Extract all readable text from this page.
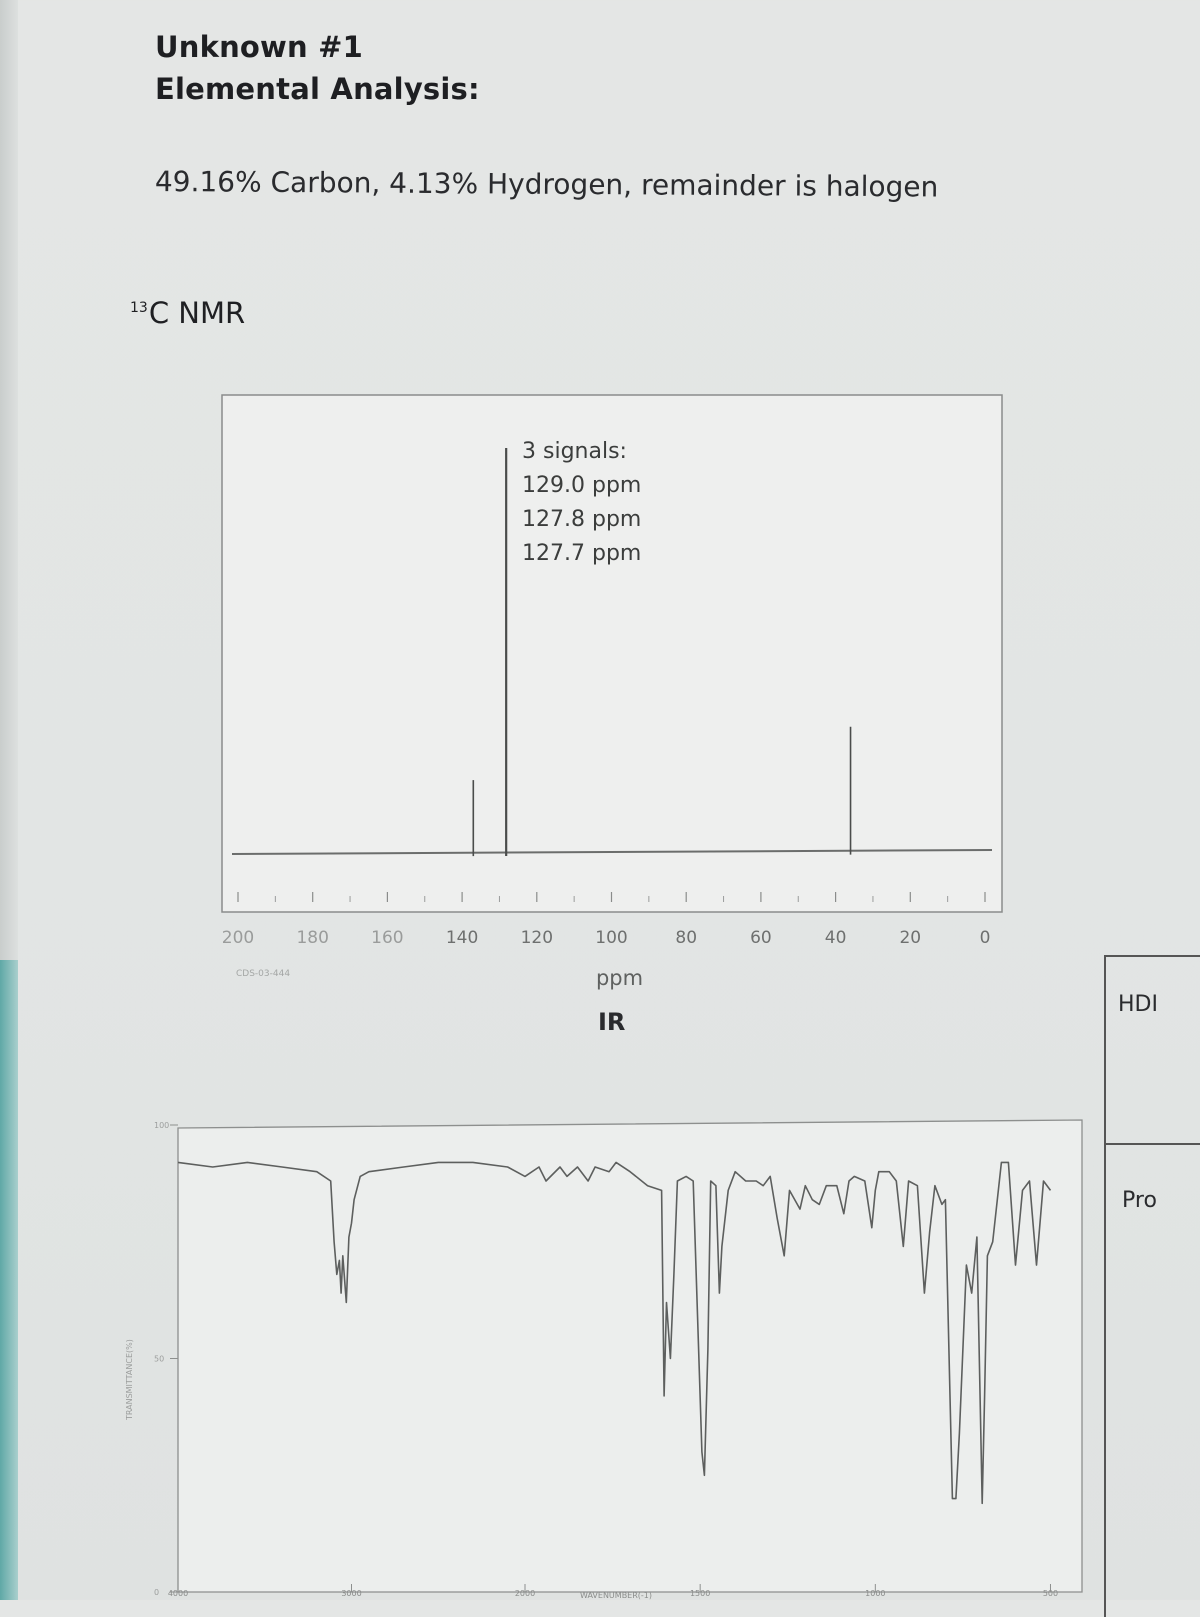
Unknown #1
Elemental Analysis:
49.16% Carbon, 4.13% Hydrogen, remainder is halogen
$^{13}$C NMR
IR
HDI
Pro
200 180 160 140 120 100	80	60	40	20	0
ppm
CDS-03-444
3 signals:
129.0 ppm
127.8 ppm
127.7 ppm
100
50
0
TRANSMITTANCE(%)
4000	3000	2000	1500	1000	500
WAVENUMBER(-1)
